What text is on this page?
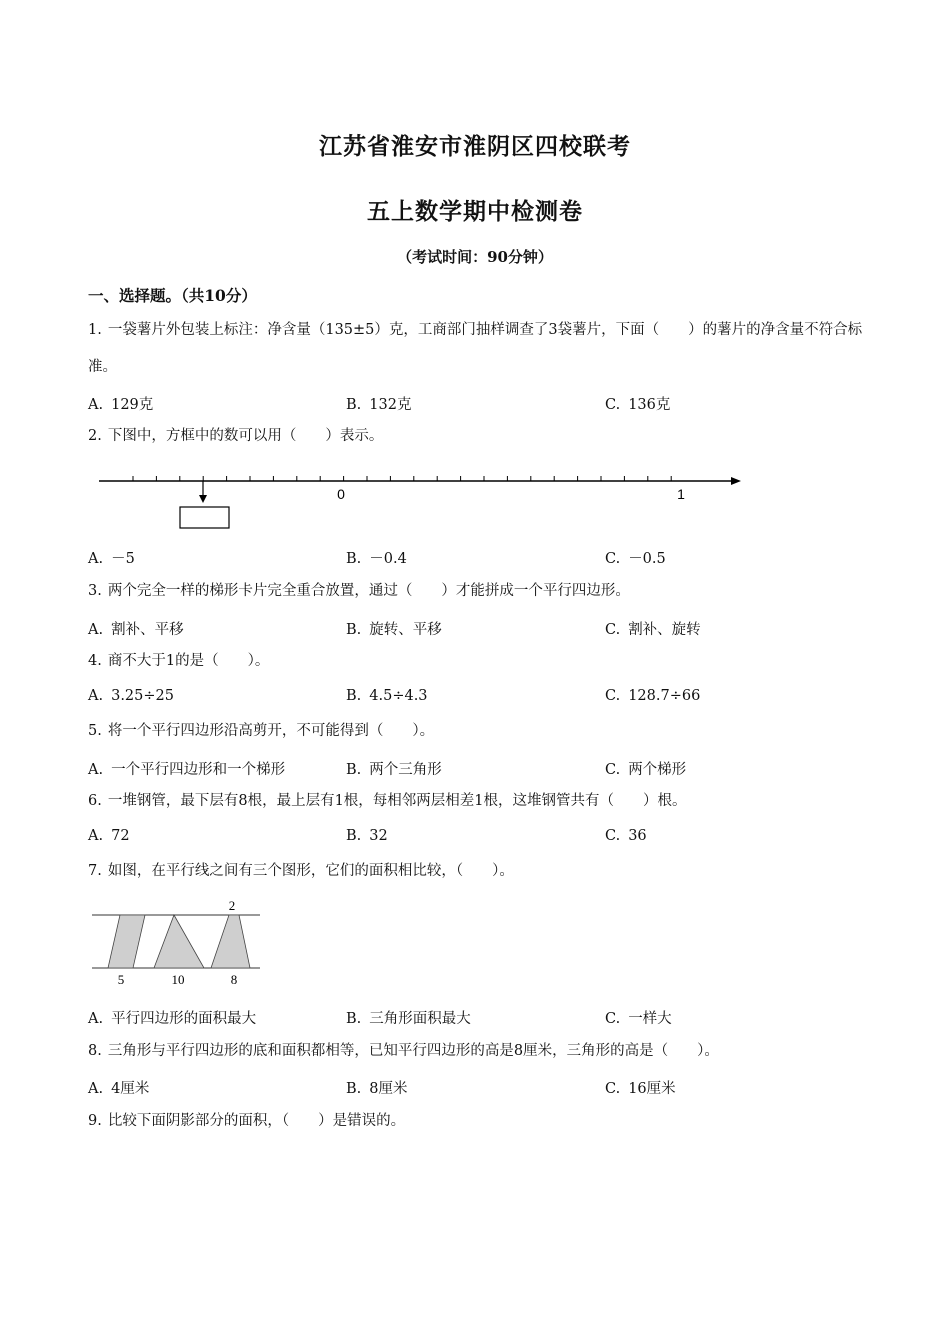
江苏省淮安市淮阴区四校联考
五上数学期中检测卷
（考试时间：90分钟）
一、选择题。（共10分）
1. 一袋薯片外包装上标注：净含量（135±5）克，工商部门抽样调查了3袋薯片，下面（　　）的薯片的净含量不符合标准。
A. 129克	B. 132克	C. 136克
2. 下图中，方框中的数可以用（　　）表示。
0	1
A. －5	B. －0.4	C. －0.5
3. 两个完全一样的梯形卡片完全重合放置，通过（　　）才能拼成一个平行四边形。
A. 割补、平移	B. 旋转、平移	C. 割补、旋转
4. 商不大于1的是（　　）。
A. 3.25÷25	B. 4.5÷4.3	C. 128.7÷66
5. 将一个平行四边形沿高剪开，不可能得到（　　）。
A. 一个平行四边形和一个梯形	B. 两个三角形	C. 两个梯形
6. 一堆钢管，最下层有8根，最上层有1根，每相邻两层相差1根，这堆钢管共有（　　）根。
A. 72	B. 32	C. 36
7. 如图，在平行线之间有三个图形，它们的面积相比较，（　　）。
2
5	10	8
A. 平行四边形的面积最大	B. 三角形面积最大	C. 一样大
8. 三角形与平行四边形的底和面积都相等，已知平行四边形的高是8厘米，三角形的高是（　　）。
A. 4厘米	B. 8厘米	C. 16厘米
9. 比较下面阴影部分的面积，（　　）是错误的。
